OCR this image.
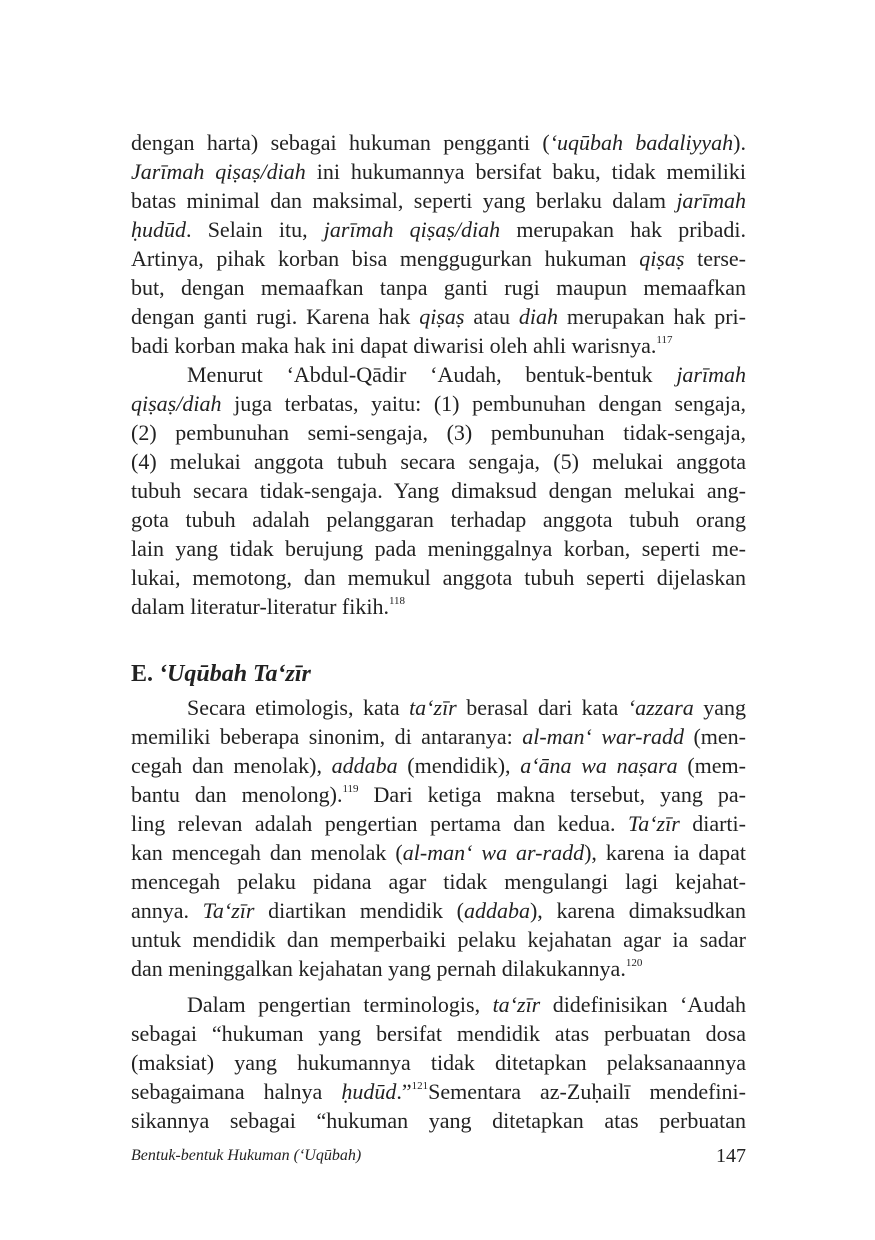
dengan harta) sebagai hukuman pengganti (‘uqūbah badaliyyah).
Jarīmah qiṣaṣ/diah ini hukumannya bersifat baku, tidak memiliki
batas minimal dan maksimal, seperti yang berlaku dalam jarīmah
ḥudūd. Selain itu, jarīmah qiṣaṣ/diah merupakan hak pribadi.
Artinya, pihak korban bisa menggugurkan hukuman qiṣaṣ terse-
but, dengan memaafkan tanpa ganti rugi maupun memaafkan
dengan ganti rugi. Karena hak qiṣaṣ atau diah merupakan hak pri-
badi korban maka hak ini dapat diwarisi oleh ahli warisnya.$^{117}$
Menurut ‘Abdul-Qādir ‘Audah, bentuk-bentuk jarīmah
qiṣaṣ/diah juga terbatas, yaitu: (1) pembunuhan dengan sengaja,
(2) pembunuhan semi-sengaja, (3) pembunuhan tidak-sengaja,
(4) melukai anggota tubuh secara sengaja, (5) melukai anggota
tubuh secara tidak-sengaja. Yang dimaksud dengan melukai ang-
gota tubuh adalah pelanggaran terhadap anggota tubuh orang
lain yang tidak berujung pada meninggalnya korban, seperti me-
lukai, memotong, dan memukul anggota tubuh seperti dijelaskan
dalam literatur-literatur fikih.$^{118}$
E. ‘Uqūbah Ta‘zīr
Secara etimologis, kata ta‘zīr berasal dari kata ‘azzara yang
memiliki beberapa sinonim, di antaranya: al-man‘ war-radd (men-
cegah dan menolak), addaba (mendidik), a‘āna wa naṣara (mem-
bantu dan menolong).$^{119}$ Dari ketiga makna tersebut, yang pa-
ling relevan adalah pengertian pertama dan kedua. Ta‘zīr diarti-
kan mencegah dan menolak (al-man‘ wa ar-radd), karena ia dapat
mencegah pelaku pidana agar tidak mengulangi lagi kejahat-
annya. Ta‘zīr diartikan mendidik (addaba), karena dimaksudkan
untuk mendidik dan memperbaiki pelaku kejahatan agar ia sadar
dan meninggalkan kejahatan yang pernah dilakukannya.$^{120}$
Dalam pengertian terminologis, ta‘zīr didefinisikan ‘Audah
sebagai “hukuman yang bersifat mendidik atas perbuatan dosa
(maksiat) yang hukumannya tidak ditetapkan pelaksanaannya
sebagaimana halnya ḥudūd.”$^{121}$Sementara az-Zuḥailī mendefini-
sikannya sebagai “hukuman yang ditetapkan atas perbuatan
Bentuk-bentuk Hukuman (‘Uqūbah)	147
